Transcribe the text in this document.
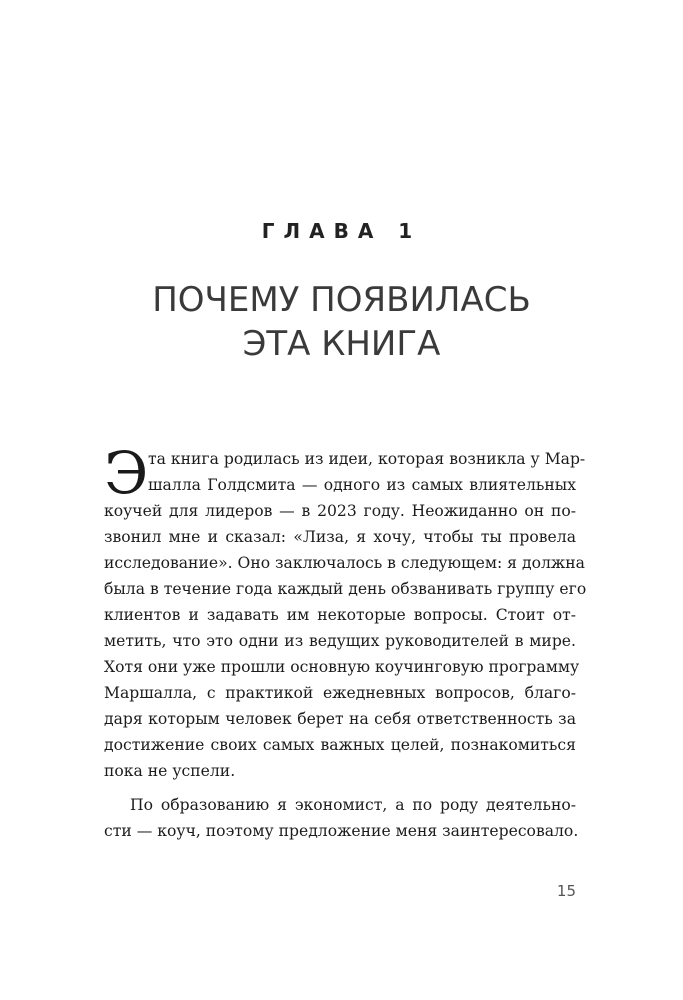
ГЛАВА 1
ПОЧЕМУ ПОЯВИЛАСЬ
ЭТА КНИГА
Э та книга родилась из идеи, которая возникла у Мар-
шалла Голдсмита — одного из самых влиятельных
коучей для лидеров — в 2023 году. Неожиданно он по-
звонил мне и сказал: «Лиза, я хочу, чтобы ты провела
исследование». Оно заключалось в следующем: я должна
была в течение года каждый день обзванивать группу его
клиентов и задавать им некоторые вопросы. Стоит от-
метить, что это одни из ведущих руководителей в мире.
Хотя они уже прошли основную коучинговую программу
Маршалла, с практикой ежедневных вопросов, благо-
даря которым человек берет на себя ответственность за
достижение своих самых важных целей, познакомиться
пока не успели.
По образованию я экономист, а по роду деятельно-
сти — коуч, поэтому предложение меня заинтересовало.
15
